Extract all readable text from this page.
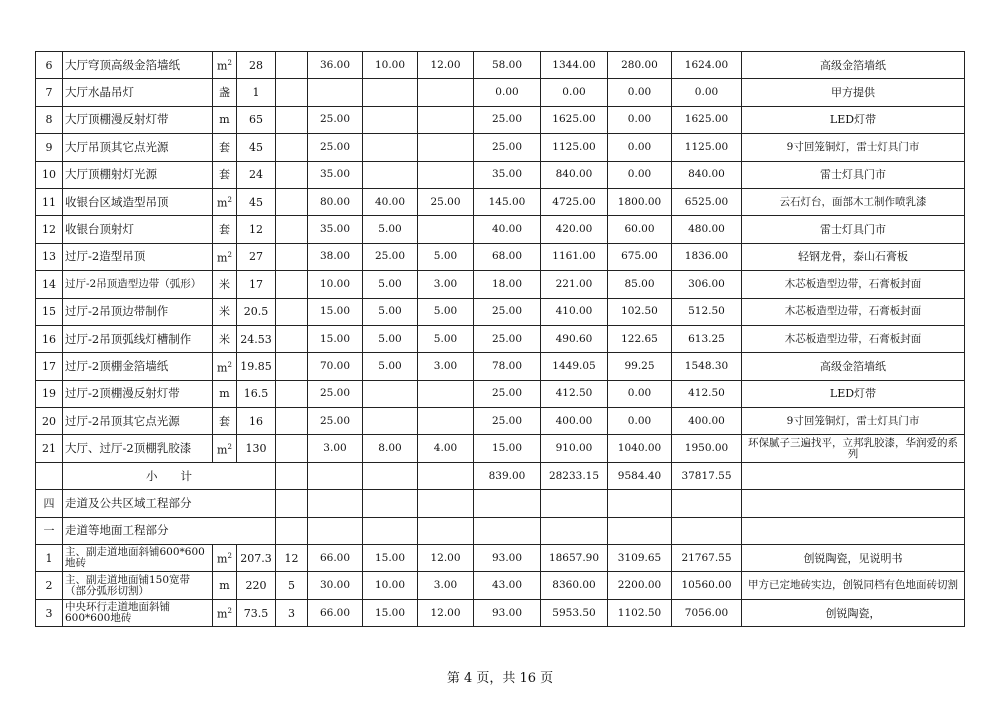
6	大厅穹顶高级金箔墙纸	$m^2$	28		36.00	10.00	12.00	58.00	1344.00	280.00	1624.00	高级金箔墙纸
7	大厅水晶吊灯	盏	1					0.00	0.00	0.00	0.00	甲方提供
8	大厅顶棚漫反射灯带	m	65		25.00			25.00	1625.00	0.00	1625.00	LED灯带
9	大厅吊顶其它点光源	套	45		25.00			25.00	1125.00	0.00	1125.00	9寸回笼铜灯，雷士灯具门市
10	大厅顶棚射灯光源	套	24		35.00			35.00	840.00	0.00	840.00	雷士灯具门市
11	收银台区域造型吊顶	$m^2$	45		80.00	40.00	25.00	145.00	4725.00	1800.00	6525.00	云石灯台，面部木工制作喷乳漆
12	收银台顶射灯	套	12		35.00	5.00		40.00	420.00	60.00	480.00	雷士灯具门市
13	过厅-2造型吊顶	$m^2$	27		38.00	25.00	5.00	68.00	1161.00	675.00	1836.00	轻钢龙骨，泰山石膏板
14	过厅-2吊顶造型边带（弧形）	米	17		10.00	5.00	3.00	18.00	221.00	85.00	306.00	木芯板造型边带，石膏板封面
15	过厅-2吊顶边带制作	米	20.5		15.00	5.00	5.00	25.00	410.00	102.50	512.50	木芯板造型边带，石膏板封面
16	过厅-2吊顶弧线灯槽制作	米	24.53		15.00	5.00	5.00	25.00	490.60	122.65	613.25	木芯板造型边带，石膏板封面
17	过厅-2顶棚金箔墙纸	$m^2$	19.85		70.00	5.00	3.00	78.00	1449.05	99.25	1548.30	高级金箔墙纸
19	过厅-2顶棚漫反射灯带	m	16.5		25.00			25.00	412.50	0.00	412.50	LED灯带
20	过厅-2吊顶其它点光源	套	16		25.00			25.00	400.00	0.00	400.00	9寸回笼铜灯，雷士灯具门市
21	大厅、过厅-2顶棚乳胶漆	$m^2$	130		3.00	8.00	4.00	15.00	910.00	1040.00	1950.00	环保腻子三遍找平，立邦乳胶漆，华润爱的系列
	小　　计							839.00	28233.15	9584.40	37817.55	
四	走道及公共区域工程部分											
一	走道等地面工程部分											
1	主、副走道地面斜铺600*600地砖	$m^2$	207.3	12	66.00	15.00	12.00	93.00	18657.90	3109.65	21767.55	创锐陶瓷，见说明书
2	主、副走道地面铺150宽带（部分弧形切割）	m	220	5	30.00	10.00	3.00	43.00	8360.00	2200.00	10560.00	甲方已定地砖实边，创锐同档有色地面砖切割
3	中央环行走道地面斜铺600*600地砖	$m^2$	73.5	3	66.00	15.00	12.00	93.00	5953.50	1102.50	7056.00	创锐陶瓷，
第 4 页，共 16 页
